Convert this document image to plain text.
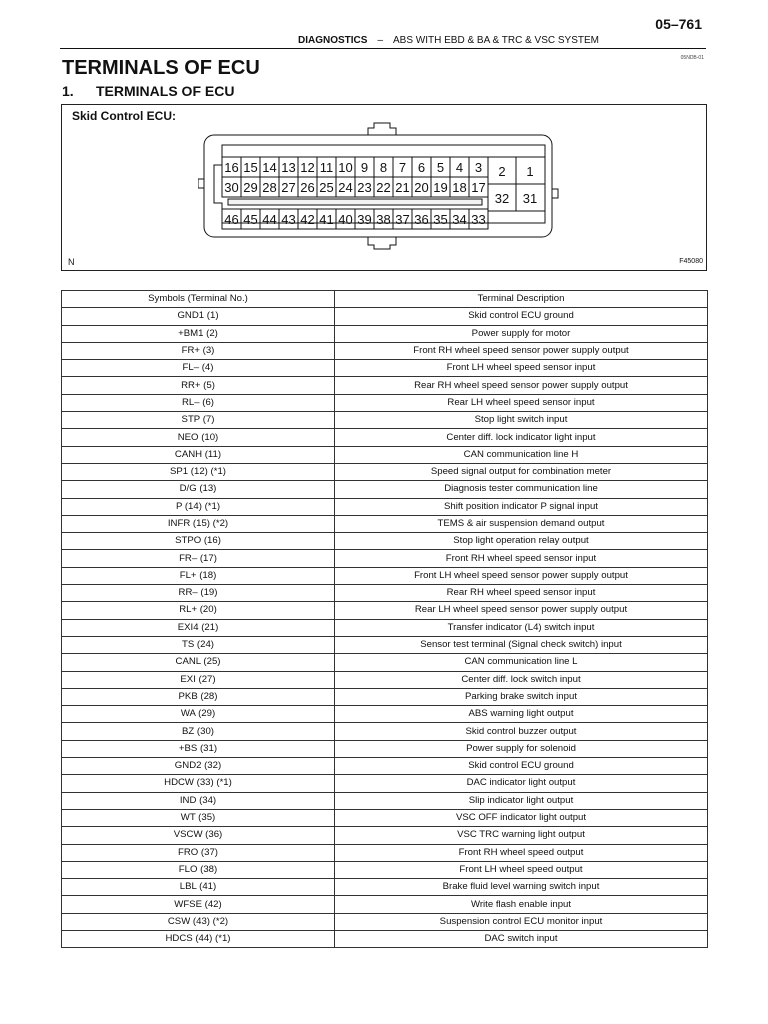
05–761
DIAGNOSTICS – ABS WITH EBD & BA & TRC & VSC SYSTEM
05NDB-01
TERMINALS OF ECU
1. TERMINALS OF ECU
Skid Control ECU:
16 15 14 13 12 11 10 9 8 7 6 5 4 3
30 29 28 27 26 25 24 23 22 21 20 19 18 17
46 45 44 43 42 41 40 39 38 37 36 35 34 33
2 1
32 31
N	F45080
Symbols (Terminal No.)	Terminal Description
GND1 (1)	Skid control ECU ground
+BM1 (2)	Power supply for motor
FR+ (3)	Front RH wheel speed sensor power supply output
FL– (4)	Front LH wheel speed sensor input
RR+ (5)	Rear RH wheel speed sensor power supply output
RL– (6)	Rear LH wheel speed sensor input
STP (7)	Stop light switch input
NEO (10)	Center diff. lock indicator light input
CANH (11)	CAN communication line H
SP1 (12) (*1)	Speed signal output for combination meter
D/G (13)	Diagnosis tester communication line
P (14) (*1)	Shift position indicator P signal input
INFR (15) (*2)	TEMS & air suspension demand output
STPO (16)	Stop light operation relay output
FR– (17)	Front RH wheel speed sensor input
FL+ (18)	Front LH wheel speed sensor power supply output
RR– (19)	Rear RH wheel speed sensor input
RL+ (20)	Rear LH wheel speed sensor power supply output
EXI4 (21)	Transfer indicator (L4) switch input
TS (24)	Sensor test terminal (Signal check switch) input
CANL (25)	CAN communication line L
EXI (27)	Center diff. lock switch input
PKB (28)	Parking brake switch input
WA (29)	ABS warning light output
BZ (30)	Skid control buzzer output
+BS (31)	Power supply for solenoid
GND2 (32)	Skid control ECU ground
HDCW (33) (*1)	DAC indicator light output
IND (34)	Slip indicator light output
WT (35)	VSC OFF indicator light output
VSCW (36)	VSC TRC warning light output
FRO (37)	Front RH wheel speed output
FLO (38)	Front LH wheel speed output
LBL (41)	Brake fluid level warning switch input
WFSE (42)	Write flash enable input
CSW (43) (*2)	Suspension control ECU monitor input
HDCS (44) (*1)	DAC switch input
